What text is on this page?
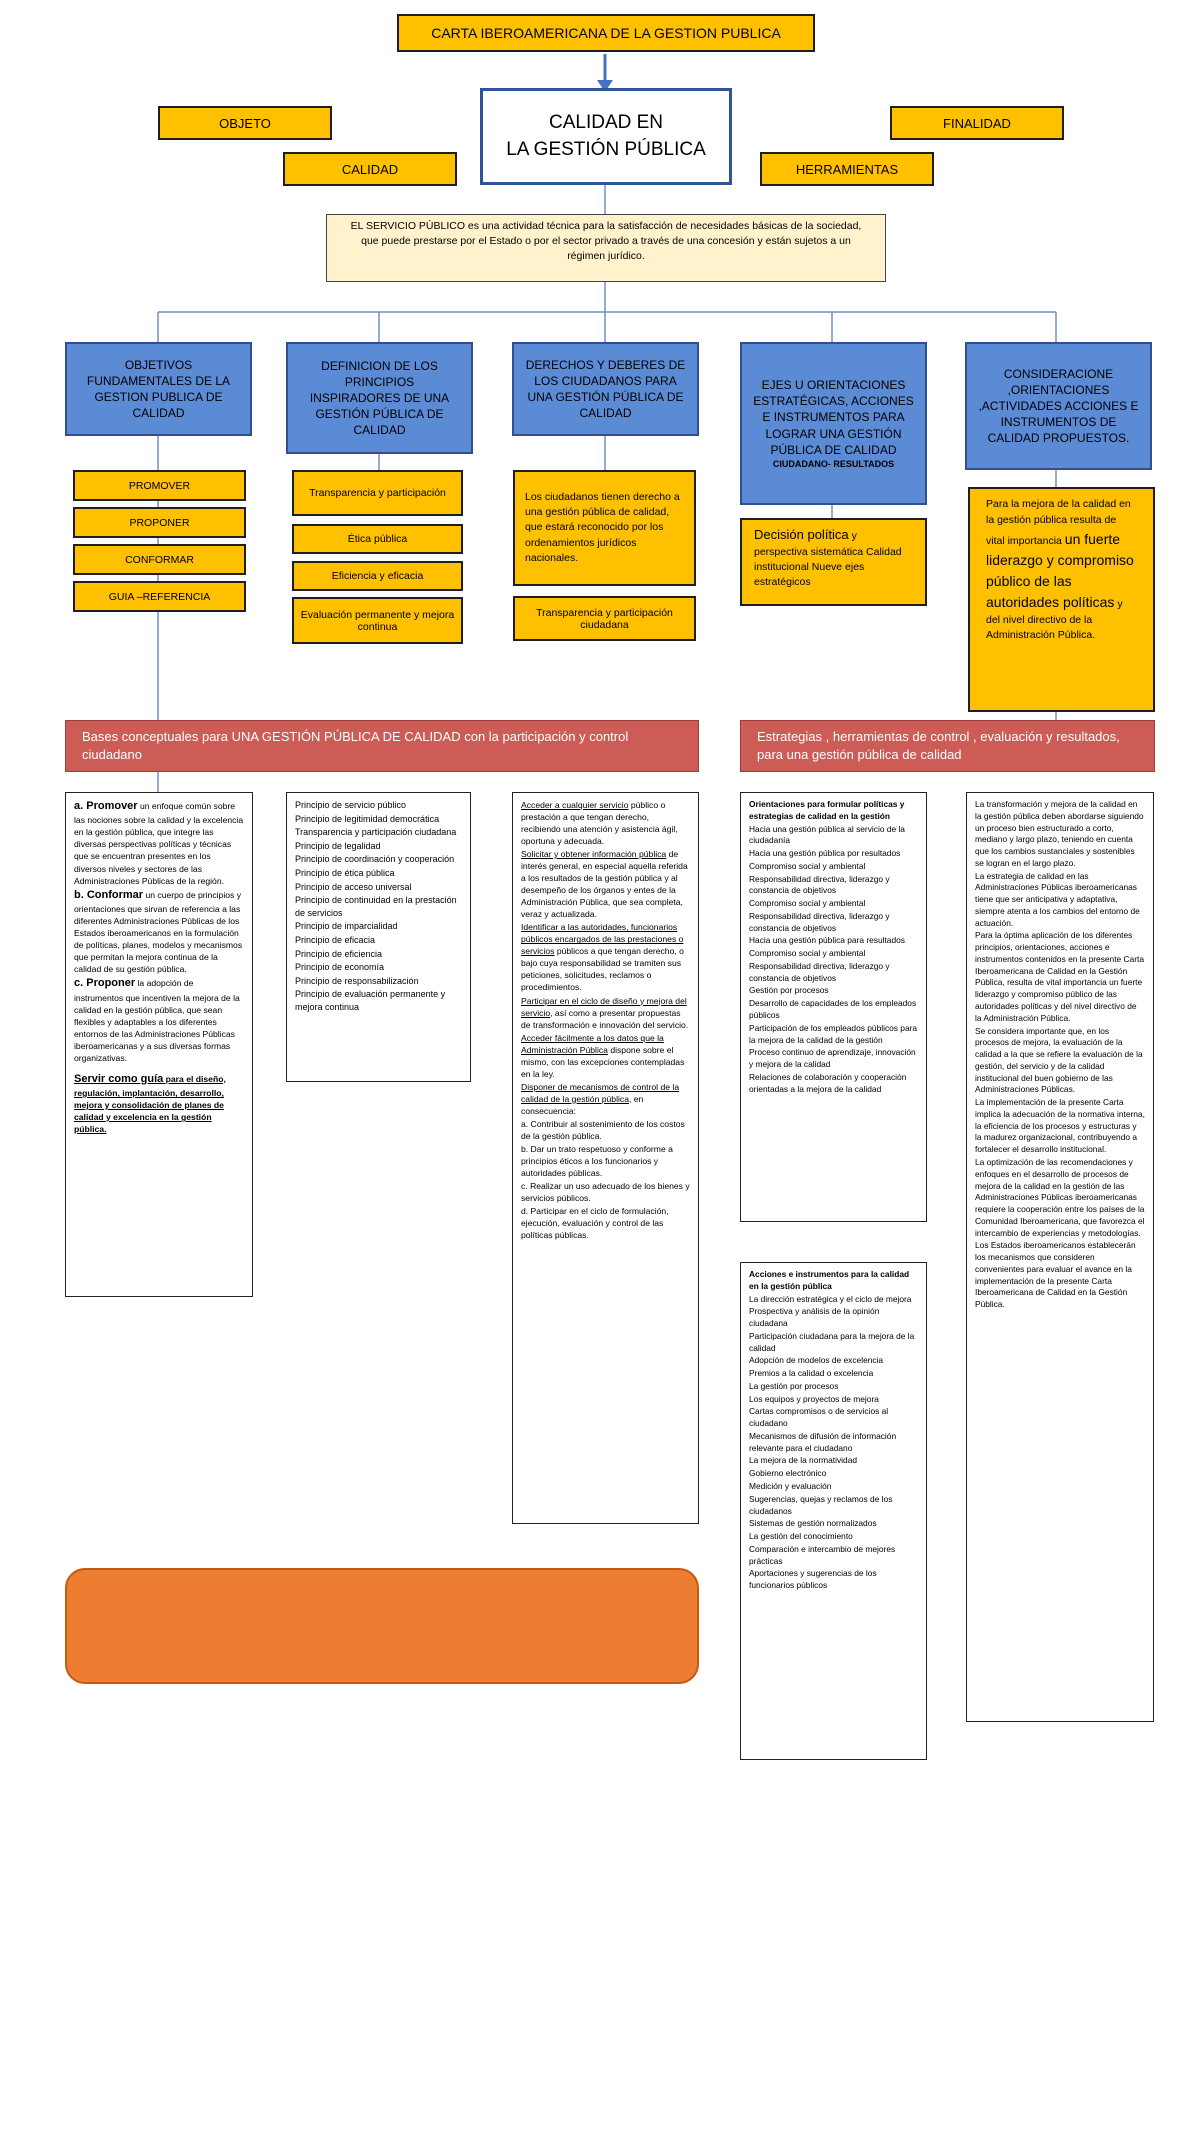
CARTA IBEROAMERICANA DE LA GESTION PUBLICA
CALIDAD EN
LA GESTIÓN PÚBLICA
OBJETO
CALIDAD
FINALIDAD
HERRAMIENTAS
EL SERVICIO PÚBLICO es una actividad técnica para la satisfacción de necesidades básicas de la sociedad, que puede prestarse por el Estado o por el sector privado a través de una concesión y están sujetos a un régimen jurídico.
OBJETIVOS FUNDAMENTALES DE LA GESTION PUBLICA DE CALIDAD
DEFINICION DE LOS PRINCIPIOS INSPIRADORES DE UNA GESTIÓN PÚBLICA DE CALIDAD
DERECHOS Y DEBERES DE LOS CIUDADANOS PARA UNA GESTIÓN PÚBLICA DE CALIDAD
EJES U ORIENTACIONES ESTRATÉGICAS, ACCIONES E INSTRUMENTOS PARA LOGRAR UNA GESTIÓN PÚBLICA DE CALIDAD
CIUDADANO- RESULTADOS
CONSIDERACIONE ,ORIENTACIONES ,ACTIVIDADES ACCIONES E INSTRUMENTOS DE CALIDAD PROPUESTOS.
PROMOVER
PROPONER
CONFORMAR
GUIA –REFERENCIA
Transparencia y participación
Ética pública
Eficiencia y eficacia
Evaluación permanente y mejora continua
Los ciudadanos tienen derecho a una gestión pública de calidad, que estará reconocido por los ordenamientos jurídicos nacionales.
Transparencia y participación ciudadana
Decisión política y perspectiva sistemática Calidad institucional Nueve ejes estratégicos
Para la mejora de la calidad en la gestión pública resulta de vital importancia un fuerte liderazgo y compromiso público de las autoridades políticas y del nivel directivo de la Administración Pública.
Bases conceptuales para UNA GESTIÓN PÚBLICA DE CALIDAD con la participación y control ciudadano
Estrategias , herramientas de control , evaluación y resultados, para una gestión pública de calidad

a. Promover un enfoque común sobre las nociones sobre la calidad y la excelencia en la gestión pública, que integre las diversas perspectivas políticas y técnicas que se encuentran presentes en los diversos niveles y sectores de las Administraciones Públicas de la región.

b. Conformar un cuerpo de principios y orientaciones que sirvan de referencia a las diferentes Administraciones Públicas de los Estados iberoamericanos en la formulación de políticas, planes, modelos y mecanismos que permitan la mejora continua de la calidad de su gestión pública.

c. Proponer la adopción de instrumentos que incentiven la mejora de la calidad en la gestión pública, que sean flexibles y adaptables a los diferentes entornos de las Administraciones Públicas iberoamericanas y a sus diversas formas organizativas.

Servir como guía para el diseño, regulación, implantación, desarrollo, mejora y consolidación de planes de calidad y excelencia en la gestión pública.

Principio de servicio público

Principio de legitimidad democrática

Transparencia y participación ciudadana

Principio de legalidad

Principio de coordinación y cooperación

Principio de ética pública

Principio de acceso universal

Principio de continuidad en la prestación de servicios

Principio de imparcialidad

Principio de eficacia

Principio de eficiencia

Principio de economía

Principio de responsabilización

Principio de evaluación permanente y mejora continua

Acceder a cualquier servicio público o prestación a que tengan derecho, recibiendo una atención y asistencia ágil, oportuna y adecuada.

Solicitar y obtener información pública de interés general, en especial aquella referida a los resultados de la gestión pública y al desempeño de los órganos y entes de la Administración Pública, que sea completa, veraz y actualizada.

Identificar a las autoridades, funcionarios públicos encargados de las prestaciones o servicios públicos a que tengan derecho, o bajo cuya responsabilidad se tramiten sus peticiones, solicitudes, reclamos o procedimientos.

Participar en el ciclo de diseño y mejora del servicio, así como a presentar propuestas de transformación e innovación del servicio.

Acceder fácilmente a los datos que la Administración Pública dispone sobre el mismo, con las excepciones contempladas en la ley.

Disponer de mecanismos de control de la calidad de la gestión pública, en consecuencia:

a. Contribuir al sostenimiento de los costos de la gestión pública.

b. Dar un trato respetuoso y conforme a principios éticos a los funcionarios y autoridades públicas.

c. Realizar un uso adecuado de los bienes y servicios públicos.

d. Participar en el ciclo de formulación, ejecución, evaluación y control de las políticas públicas.

Orientaciones para formular políticas y estrategias de calidad en la gestión

Hacia una gestión pública al servicio de la ciudadanía

Hacia una gestión pública por resultados

Compromiso social y ambiental

Responsabilidad directiva, liderazgo y constancia de objetivos

Compromiso social y ambiental

Responsabilidad directiva, liderazgo y constancia de objetivos

Hacia una gestión pública para resultados

Compromiso social y ambiental

Responsabilidad directiva, liderazgo y constancia de objetivos

Gestión por procesos

Desarrollo de capacidades de los empleados públicos

Participación de los empleados públicos para la mejora de la calidad de la gestión

Proceso continuo de aprendizaje, innovación y mejora de la calidad

Relaciones de colaboración y cooperación orientadas a la mejora de la calidad

Acciones e instrumentos para la calidad en la gestión pública

La dirección estratégica y el ciclo de mejora

Prospectiva y análisis de la opinión ciudadana

Participación ciudadana para la mejora de la calidad

Adopción de modelos de excelencia

Premios a la calidad o excelencia

La gestión por procesos

Los equipos y proyectos de mejora

Cartas compromisos o de servicios al ciudadano

Mecanismos de difusión de información relevante para el ciudadano

La mejora de la normatividad

Gobierno electrónico

Medición y evaluación

Sugerencias, quejas y reclamos de los ciudadanos

Sistemas de gestión normalizados

La gestión del conocimiento

Comparación e intercambio de mejores prácticas

Aportaciones y sugerencias de los funcionarios públicos

La transformación y mejora de la calidad en la gestión pública deben abordarse siguiendo un proceso bien estructurado a corto, mediano y largo plazo, teniendo en cuenta que los cambios sustanciales y sostenibles se logran en el largo plazo.

La estrategia de calidad en las Administraciones Públicas iberoamericanas tiene que ser anticipativa y adaptativa, siempre atenta a los cambios del entorno de actuación.

Para la óptima aplicación de los diferentes principios, orientaciones, acciones e instrumentos contenidos en la presente Carta Iberoamericana de Calidad en la Gestión Pública, resulta de vital importancia un fuerte liderazgo y compromiso público de las autoridades políticas y del nivel directivo de la Administración Pública.

Se considera importante que, en los procesos de mejora, la evaluación de la calidad a la que se refiere la evaluación de la gestión, del servicio y de la calidad institucional del buen gobierno de las Administraciones Públicas.

La implementación de la presente Carta implica la adecuación de la normativa interna, la eficiencia de los procesos y estructuras y la madurez organizacional, contribuyendo a fortalecer el desarrollo institucional.

La optimización de las recomendaciones y enfoques en el desarrollo de procesos de mejora de la calidad en la gestión de las Administraciones Públicas iberoamericanas requiere la cooperación entre los países de la Comunidad Iberoamericana, que favorezca el intercambio de experiencias y metodologías.

Los Estados iberoamericanos establecerán los mecanismos que consideren convenientes para evaluar el avance en la implementación de la presente Carta Iberoamericana de Calidad en la Gestión Pública.
